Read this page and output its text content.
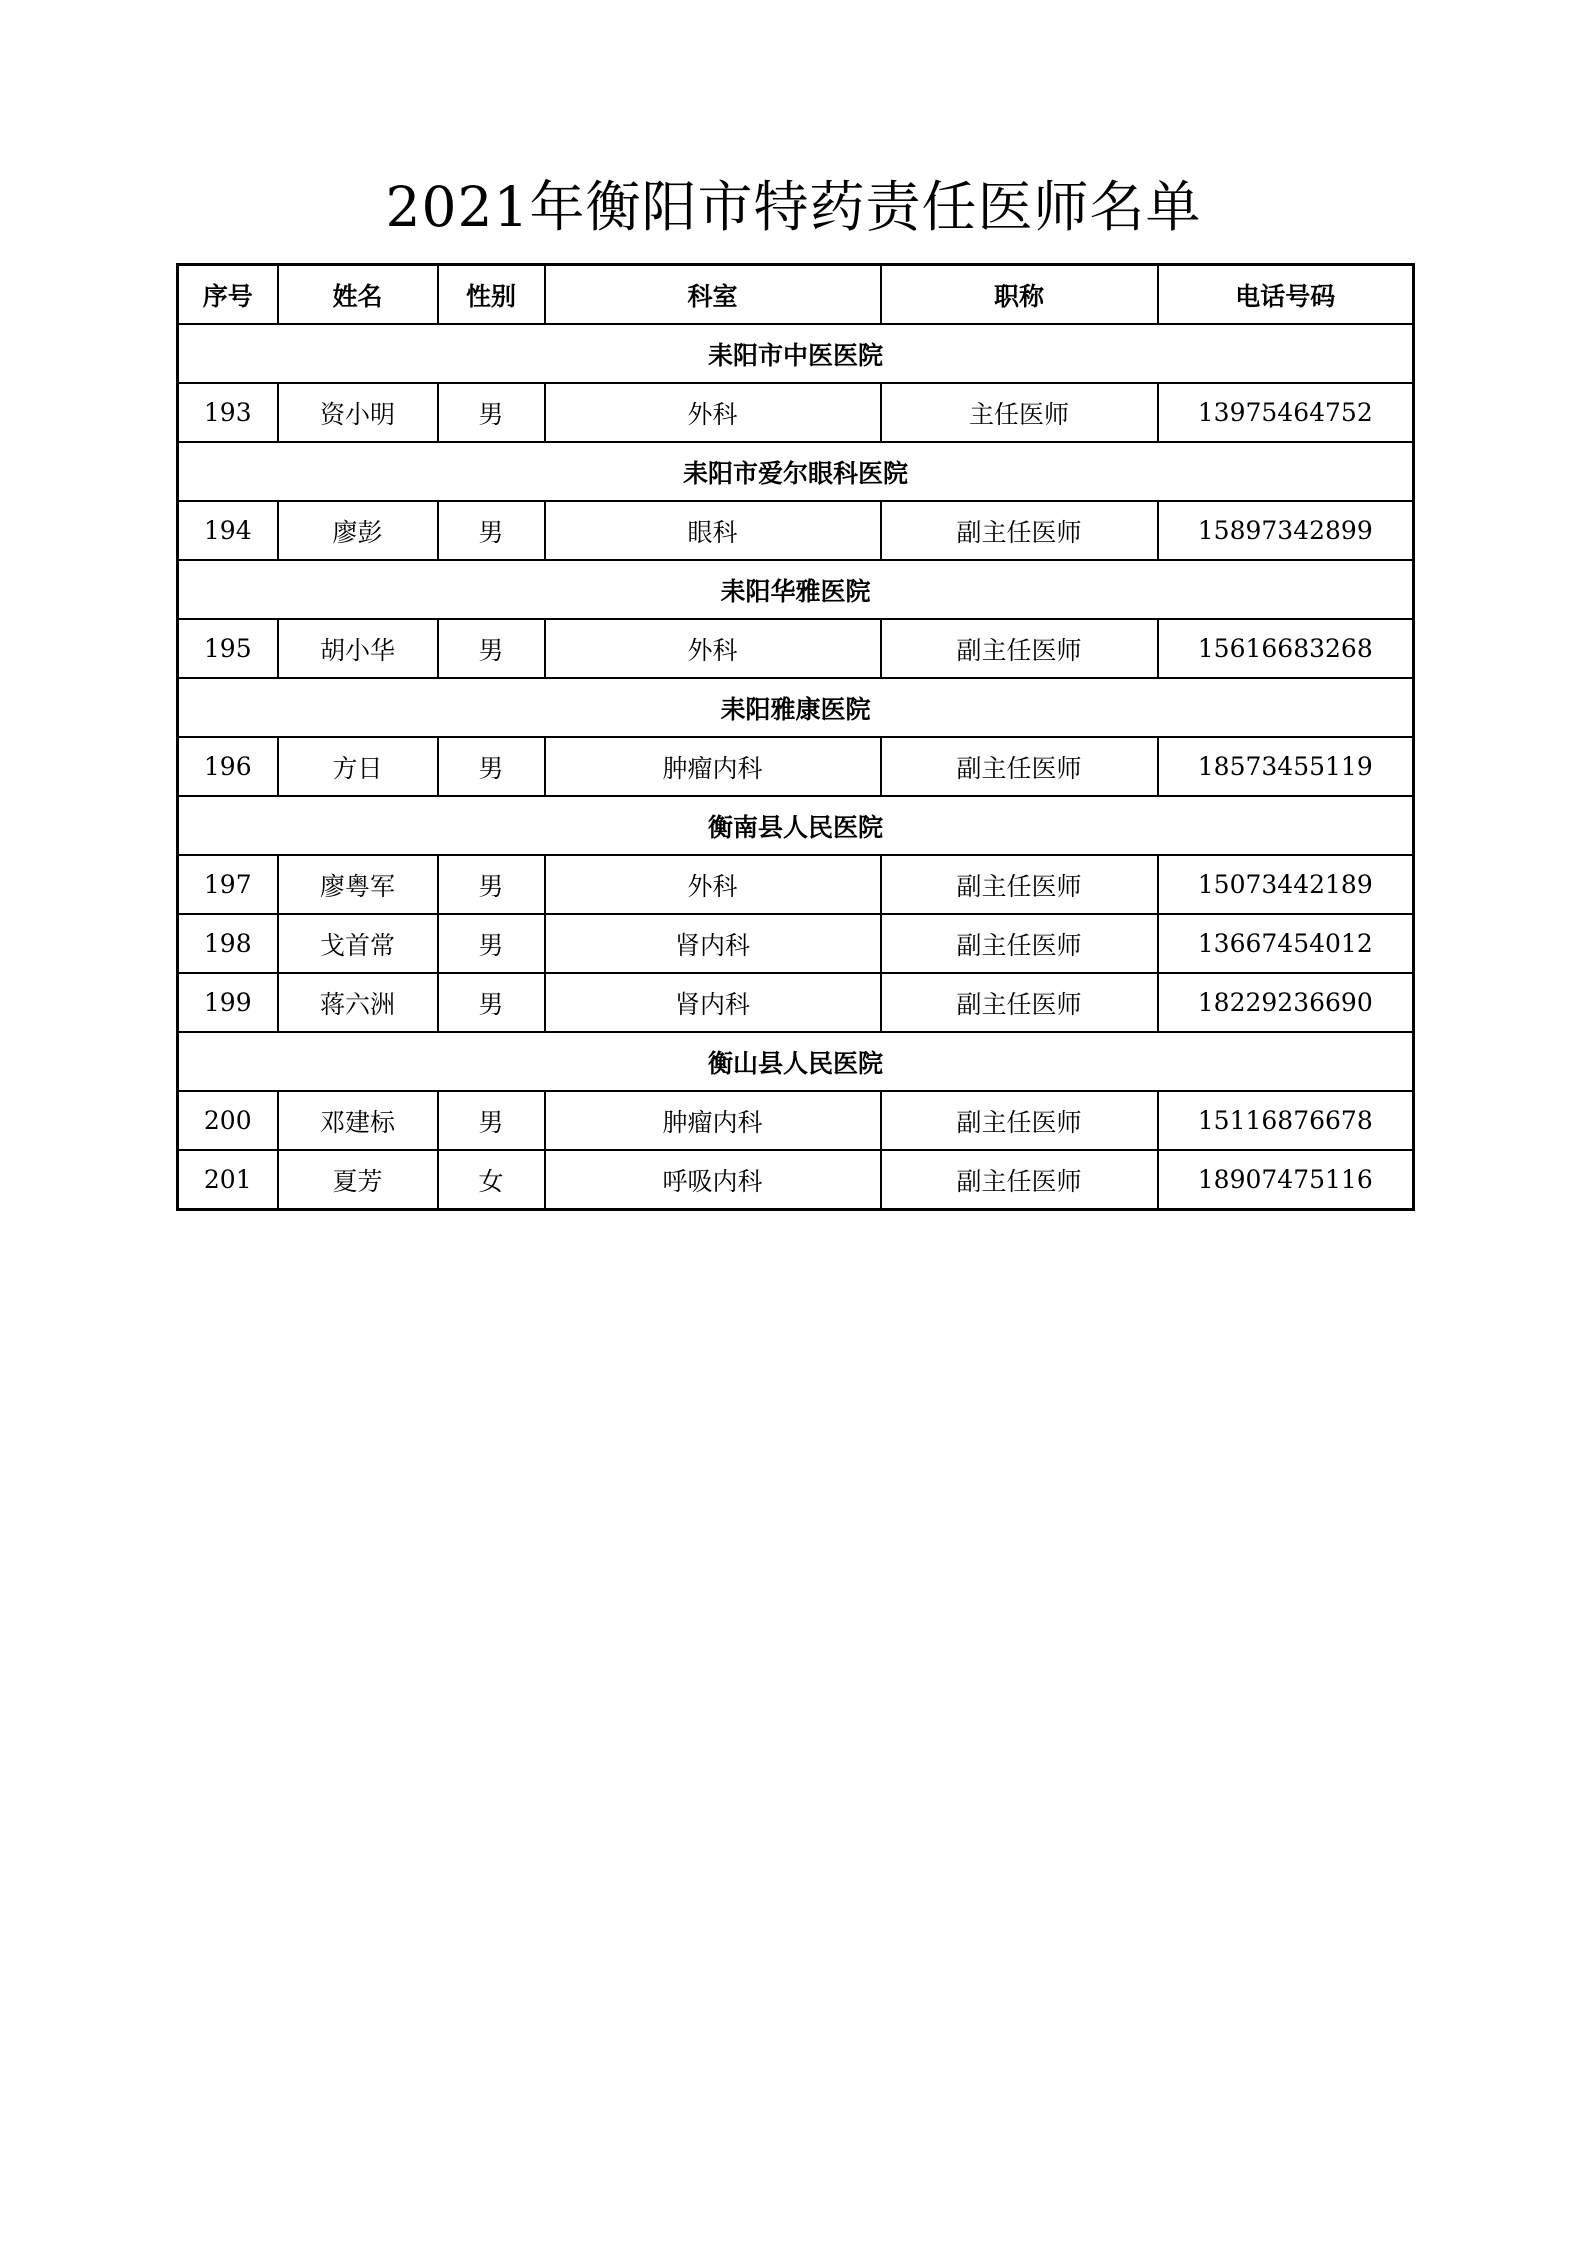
2021年衡阳市特药责任医师名单
序号	姓名	性别	科室	职称	电话号码
耒阳市中医医院					
193	资小明	男	外科	主任医师	13975464752
耒阳市爱尔眼科医院					
194	廖彭	男	眼科	副主任医师	15897342899
耒阳华雅医院					
195	胡小华	男	外科	副主任医师	15616683268
耒阳雅康医院					
196	方日	男	肿瘤内科	副主任医师	18573455119
衡南县人民医院					
197	廖粤军	男	外科	副主任医师	15073442189
198	戈首常	男	肾内科	副主任医师	13667454012
199	蒋六洲	男	肾内科	副主任医师	18229236690
衡山县人民医院					
200	邓建标	男	肿瘤内科	副主任医师	15116876678
201	夏芳	女	呼吸内科	副主任医师	18907475116
